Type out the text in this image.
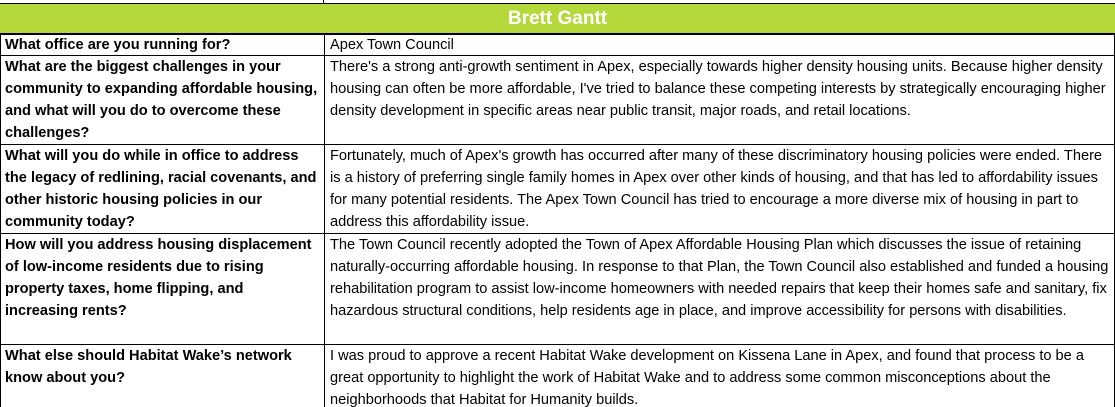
Brett Gantt
What office are you running for?	Apex Town Council
What are the biggest challenges in your community to expanding affordable housing, and what will you do to overcome these challenges?	There's a strong anti-growth sentiment in Apex, especially towards higher density housing units. Because higher density housing can often be more affordable, I've tried to balance these competing interests by strategically encouraging higher density development in specific areas near public transit, major roads, and retail locations.
What will you do while in office to address the legacy of redlining, racial covenants, and other historic housing policies in our community today?	Fortunately, much of Apex's growth has occurred after many of these discriminatory housing policies were ended. There is a history of preferring single family homes in Apex over other kinds of housing, and that has led to affordability issues for many potential residents. The Apex Town Council has tried to encourage a more diverse mix of housing in part to address this affordability issue.
How will you address housing displacement of low-income residents due to rising property taxes, home flipping, and increasing rents?	The Town Council recently adopted the Town of Apex Affordable Housing Plan which discusses the issue of retaining naturally-occurring affordable housing. In response to that Plan, the Town Council also established and funded a housing rehabilitation program to assist low-income homeowners with needed repairs that keep their homes safe and sanitary, fix hazardous structural conditions, help residents age in place, and improve accessibility for persons with disabilities.
What else should Habitat Wake’s network know about you?	I was proud to approve a recent Habitat Wake development on Kissena Lane in Apex, and found that process to be a great opportunity to highlight the work of Habitat Wake and to address some common misconceptions about the neighborhoods that Habitat for Humanity builds.
